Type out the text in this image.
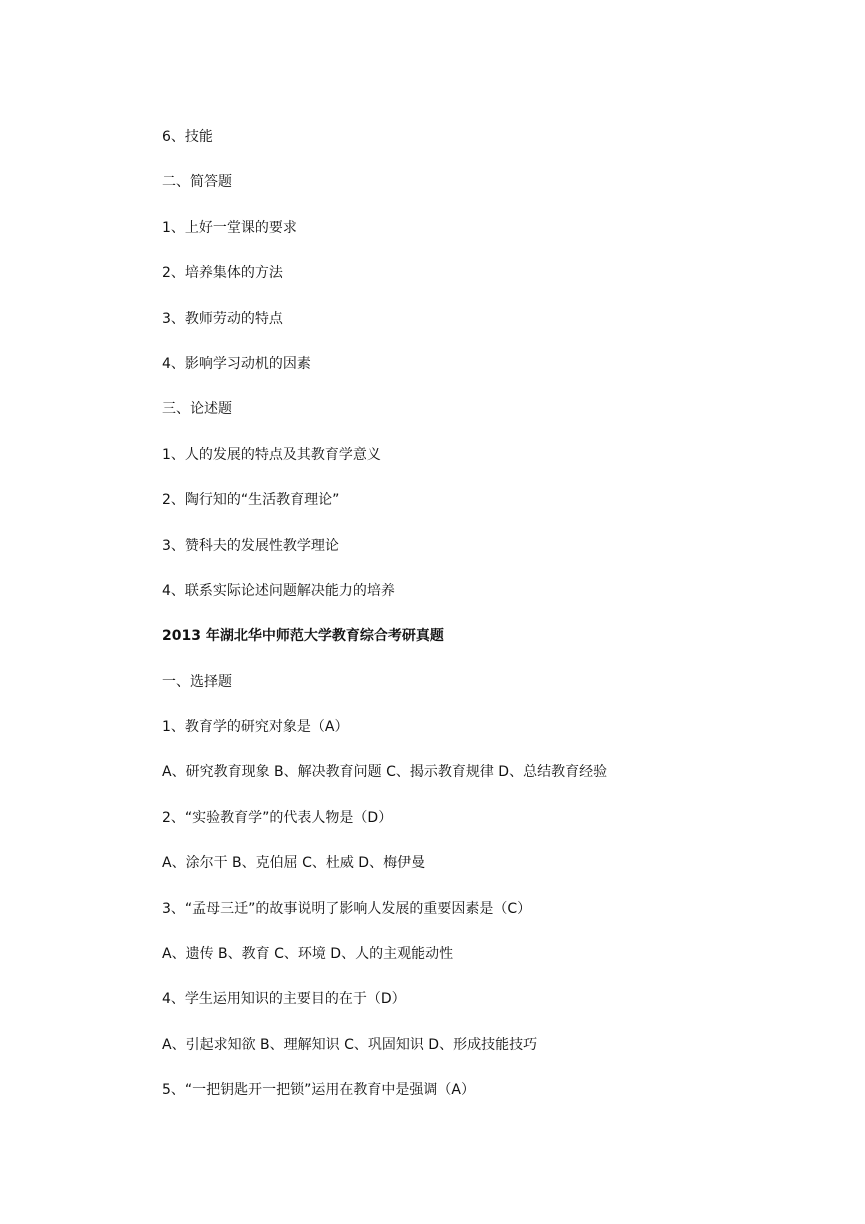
6、技能
二、简答题
1、上好一堂课的要求
2、培养集体的方法
3、教师劳动的特点
4、影响学习动机的因素
三、论述题
1、人的发展的特点及其教育学意义
2、陶行知的“生活教育理论”
3、赞科夫的发展性教学理论
4、联系实际论述问题解决能力的培养
2013 年湖北华中师范大学教育综合考研真题
一、选择题
1、教育学的研究对象是（A）
A、研究教育现象 B、解决教育问题 C、揭示教育规律 D、总结教育经验
2、“实验教育学”的代表人物是（D）
A、涂尔干 B、克伯屈 C、杜威 D、梅伊曼
3、“孟母三迁”的故事说明了影响人发展的重要因素是（C）
A、遗传 B、教育 C、环境 D、人的主观能动性
4、学生运用知识的主要目的在于（D）
A、引起求知欲 B、理解知识 C、巩固知识 D、形成技能技巧
5、“一把钥匙开一把锁”运用在教育中是强调（A）
